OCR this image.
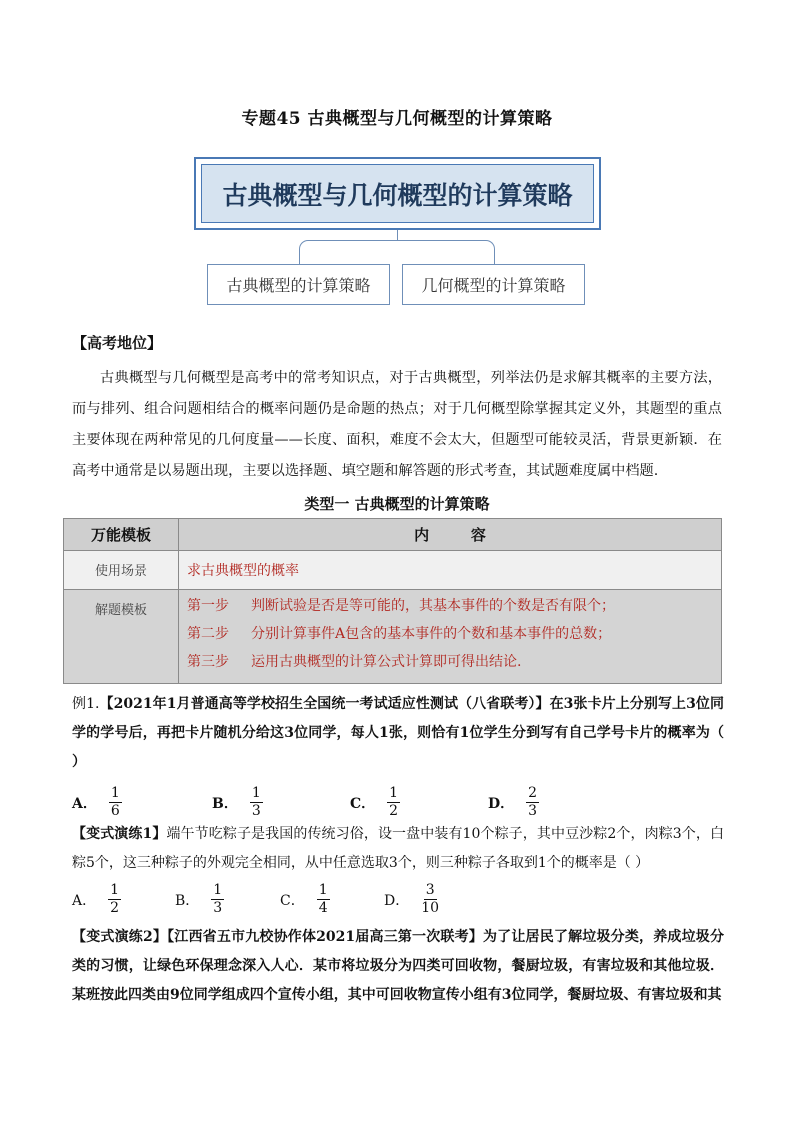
专题45 古典概型与几何概型的计算策略
古典概型与几何概型的计算策略
古典概型的计算策略	几何概型的计算策略
【高考地位】
古典概型与几何概型是高考中的常考知识点，对于古典概型，列举法仍是求解其概率的主要方法，而与排列、组合问题相结合的概率问题仍是命题的热点；对于几何概型除掌握其定义外，其题型的重点主要体现在两种常见的几何度量——长度、面积，难度不会太大，但题型可能较灵活，背景更新颖．在高考中通常是以易题出现，主要以选择题、填空题和解答题的形式考查，其试题难度属中档题.
类型一 古典概型的计算策略
万能模板	内        容
使用场景	求古典概型的概率
解题模板	第一步 判断试验是否是等可能的，其基本事件的个数是否有限个；
第二步 分别计算事件A包含的基本事件的个数和基本事件的总数；
第三步 运用古典概型的计算公式计算即可得出结论.
例1.【2021年1月普通高等学校招生全国统一考试适应性测试（八省联考）】在3张卡片上分别写上3位同学的学号后，再把卡片随机分给这3位同学，每人1张，则恰有1位学生分到写有自己学号卡片的概率为（ ）
A． $\frac{1}{6}$	B． $\frac{1}{3}$	C． $\frac{1}{2}$	D． $\frac{2}{3}$
【变式演练1】端午节吃粽子是我国的传统习俗，设一盘中装有10个粽子，其中豆沙粽2个，肉粽3个，白粽5个，这三种粽子的外观完全相同，从中任意选取3个，则三种粽子各取到1个的概率是（ ）
A． $\frac{1}{2}$	B． $\frac{1}{3}$	C． $\frac{1}{4}$	D． $\frac{3}{10}$
【变式演练2】【江西省五市九校协作体2021届高三第一次联考】为了让居民了解垃圾分类，养成垃圾分类的习惯，让绿色环保理念深入人心．某市将垃圾分为四类可回收物，餐厨垃圾，有害垃圾和其他垃圾．某班按此四类由9位同学组成四个宣传小组，其中可回收物宣传小组有3位同学，餐厨垃圾、有害垃圾和其
